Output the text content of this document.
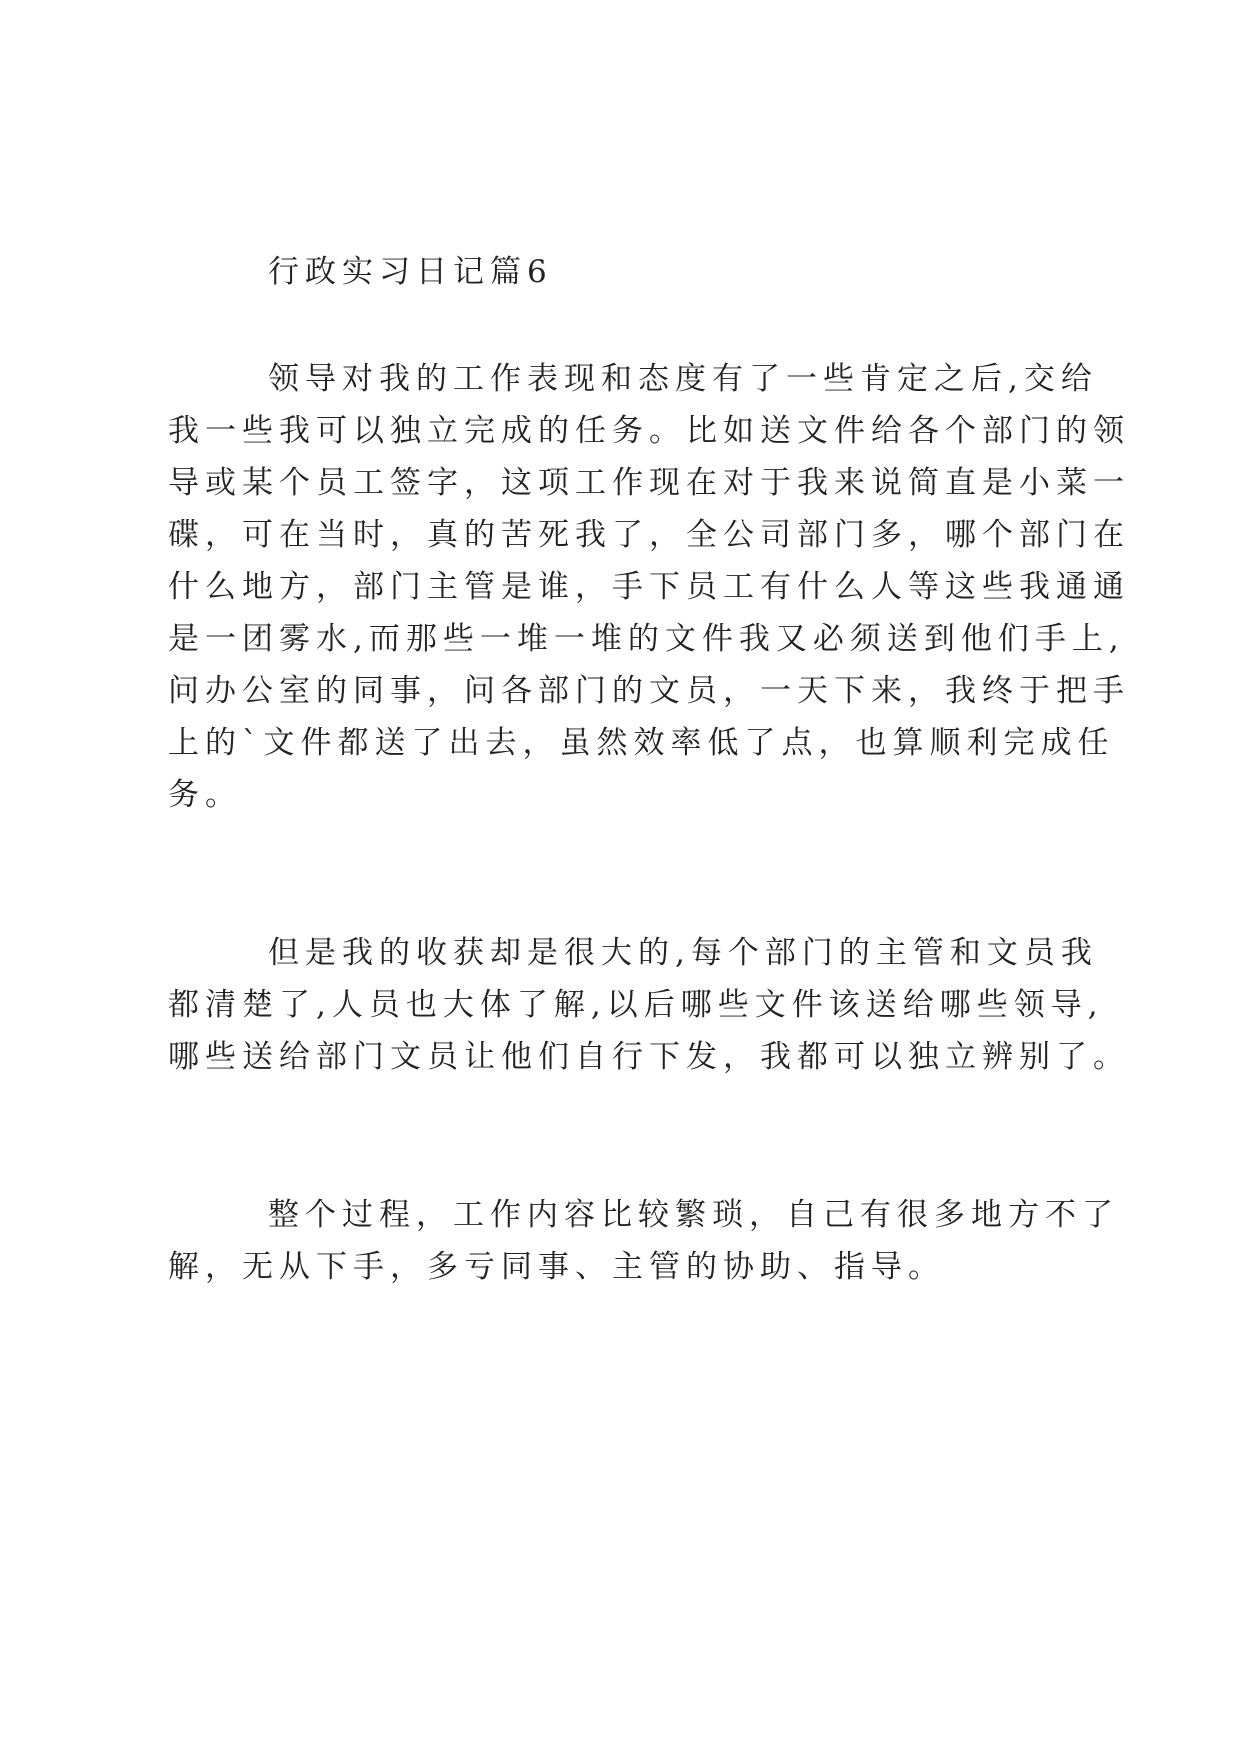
行政实习日记篇6

领导对我的工作表现和态度有了一些肯定之后,交给

我一些我可以独立完成的任务。比如送文件给各个部门的领

导或某个员工签字，这项工作现在对于我来说简直是小菜一

碟，可在当时，真的苦死我了，全公司部门多，哪个部门在

什么地方，部门主管是谁，手下员工有什么人等这些我通通

是一团雾水,而那些一堆一堆的文件我又必须送到他们手上,

问办公室的同事，问各部门的文员，一天下来，我终于把手

上的`文件都送了出去，虽然效率低了点，也算顺利完成任

务。

但是我的收获却是很大的,每个部门的主管和文员我

都清楚了,人员也大体了解,以后哪些文件该送给哪些领导,

哪些送给部门文员让他们自行下发，我都可以独立辨别了。

整个过程，工作内容比较繁琐，自己有很多地方不了

解，无从下手，多亏同事、主管的协助、指导。
